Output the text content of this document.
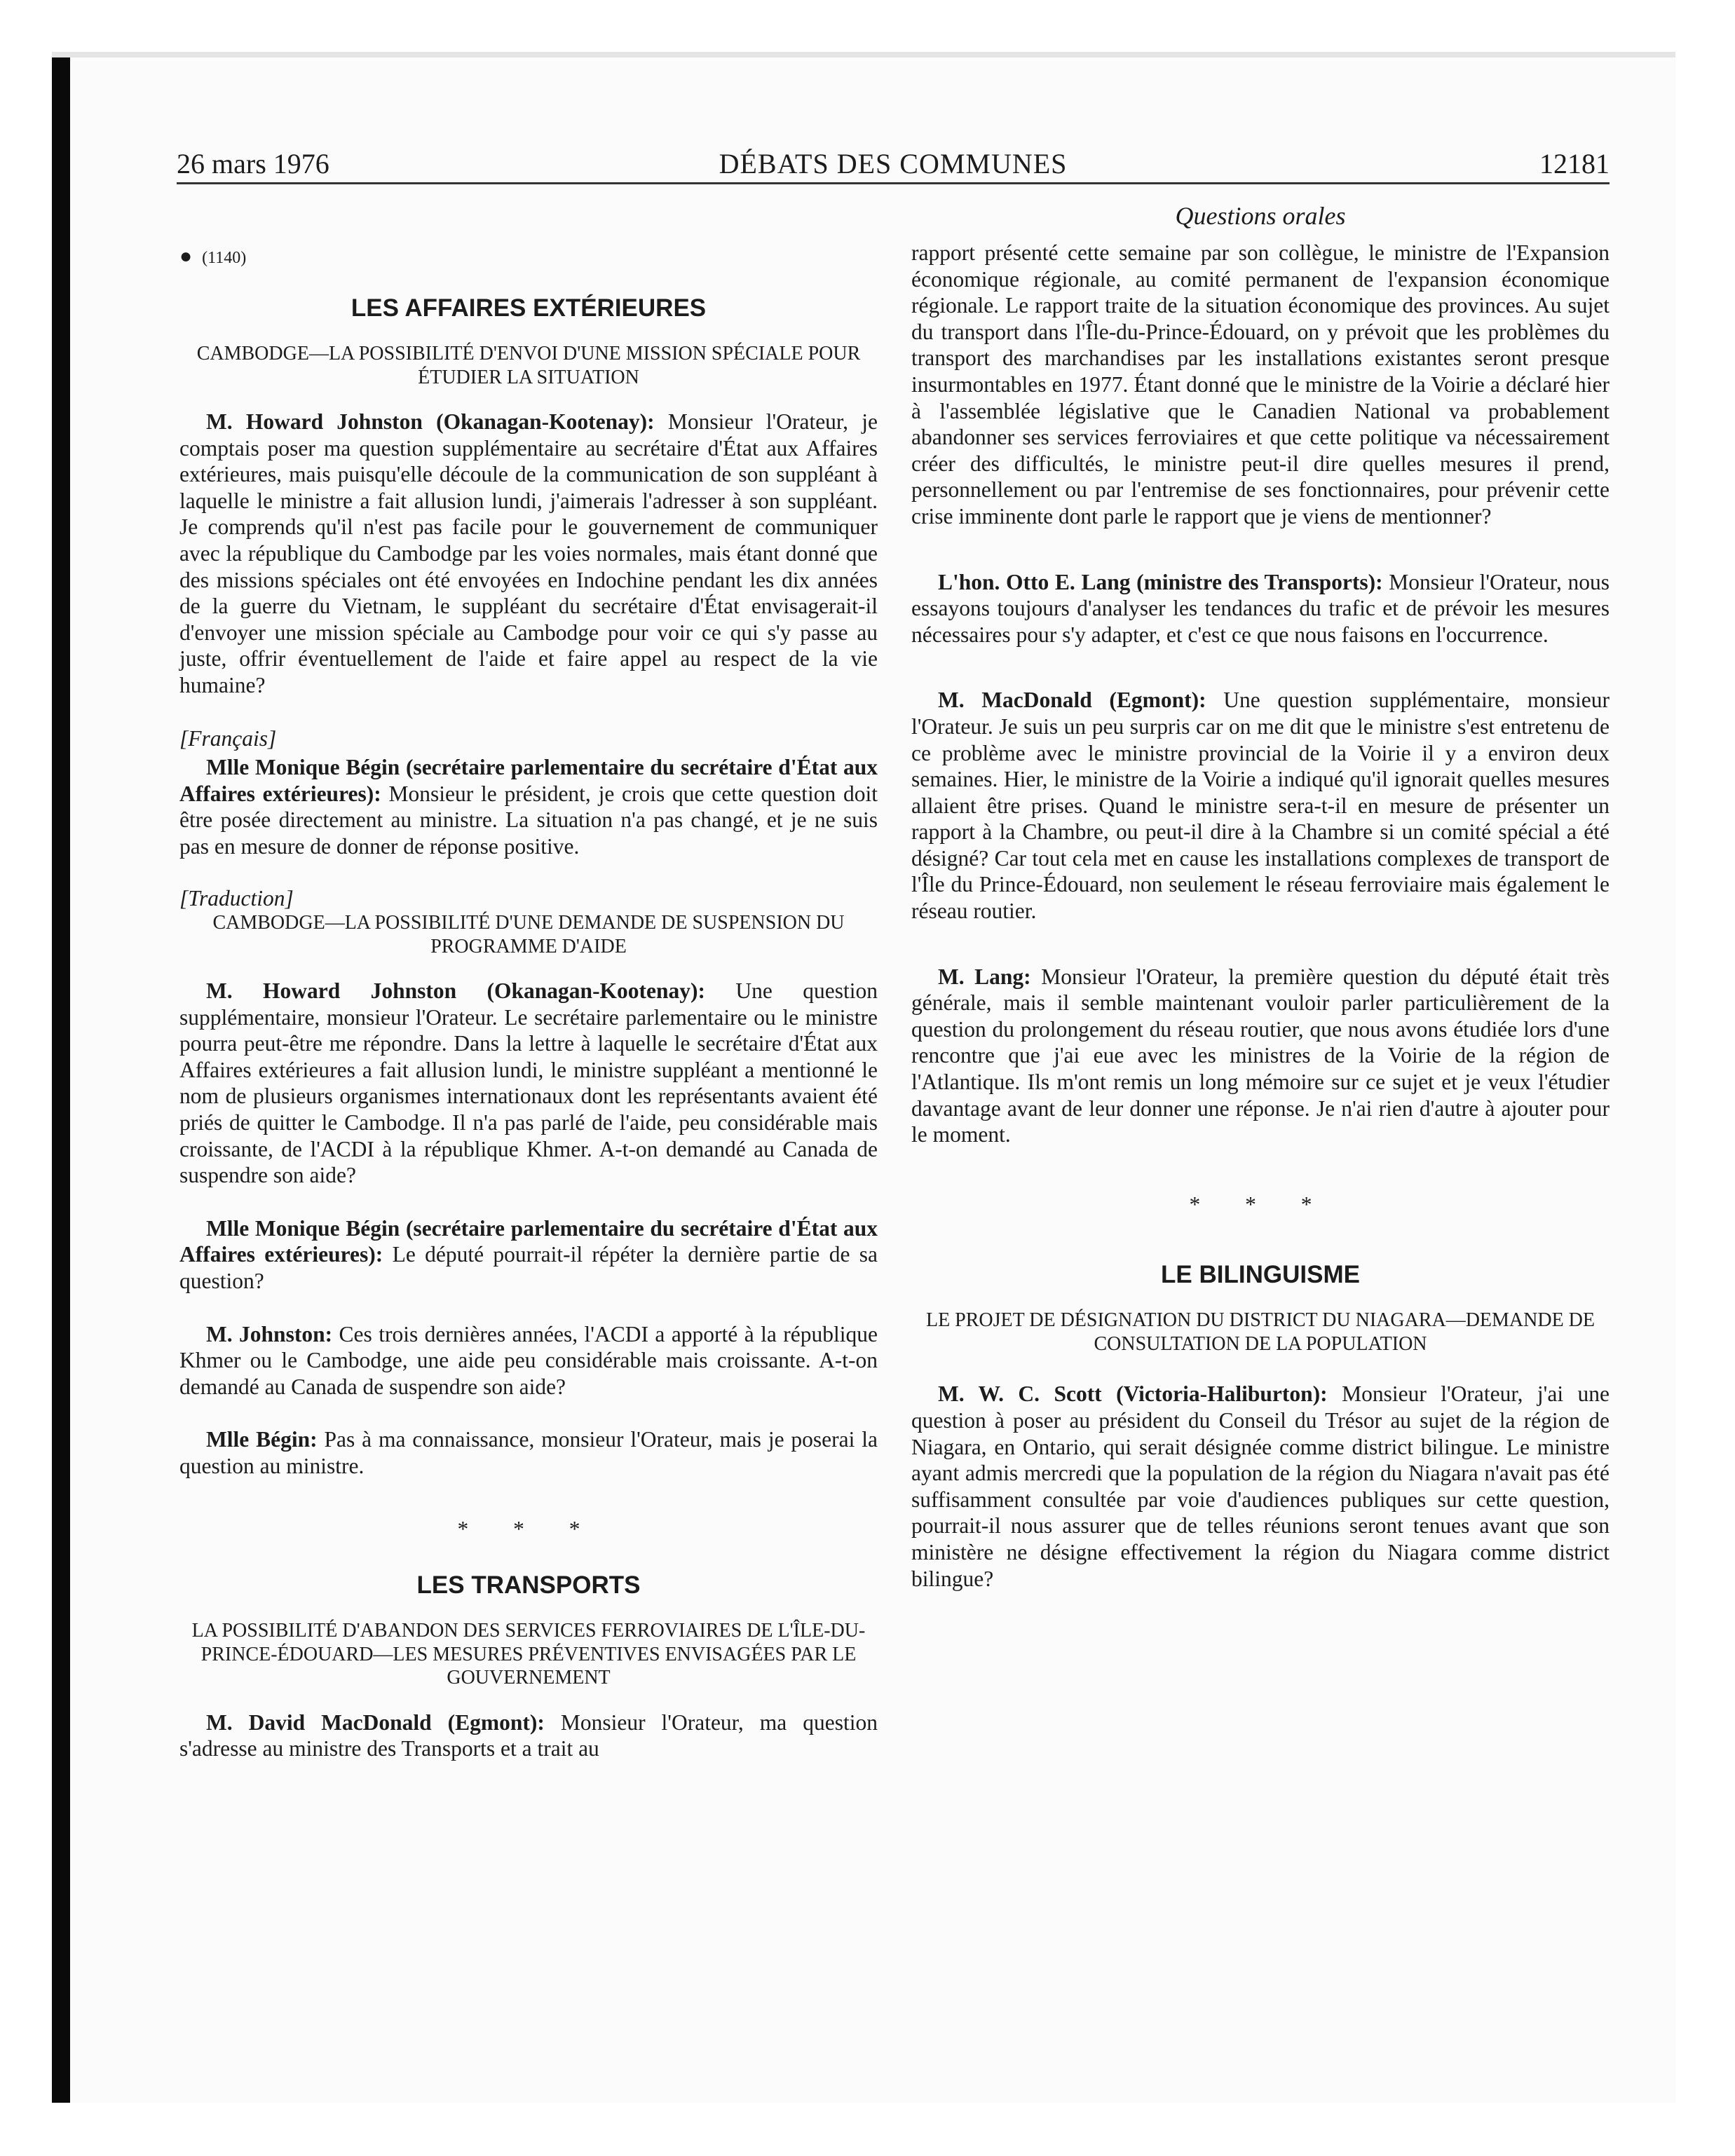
26 mars 1976	DÉBATS DES COMMUNES	12181
Questions orales
● (1140)
LES AFFAIRES EXTÉRIEURES
CAMBODGE—LA POSSIBILITÉ D'ENVOI D'UNE MISSION SPÉCIALE POUR ÉTUDIER LA SITUATION

M. Howard Johnston (Okanagan-Kootenay): Monsieur l'Orateur, je comptais poser ma question supplémentaire au secrétaire d'État aux Affaires extérieures, mais puisqu'elle découle de la communication de son suppléant à laquelle le ministre a fait allusion lundi, j'aimerais l'adresser à son suppléant. Je comprends qu'il n'est pas facile pour le gouvernement de communiquer avec la république du Cambodge par les voies normales, mais étant donné que des missions spéciales ont été envoyées en Indochine pendant les dix années de la guerre du Vietnam, le suppléant du secrétaire d'État envisagerait-il d'envoyer une mission spéciale au Cambodge pour voir ce qui s'y passe au juste, offrir éventuellement de l'aide et faire appel au respect de la vie humaine?

[Français]

Mlle Monique Bégin (secrétaire parlementaire du secrétaire d'État aux Affaires extérieures): Monsieur le président, je crois que cette question doit être posée directement au ministre. La situation n'a pas changé, et je ne suis pas en mesure de donner de réponse positive.

[Traduction]
CAMBODGE—LA POSSIBILITÉ D'UNE DEMANDE DE SUSPENSION DU PROGRAMME D'AIDE

M. Howard Johnston (Okanagan-Kootenay): Une question supplémentaire, monsieur l'Orateur. Le secrétaire parlementaire ou le ministre pourra peut-être me répondre. Dans la lettre à laquelle le secrétaire d'État aux Affaires extérieures a fait allusion lundi, le ministre suppléant a mentionné le nom de plusieurs organismes internationaux dont les représentants avaient été priés de quitter le Cambodge. Il n'a pas parlé de l'aide, peu considérable mais croissante, de l'ACDI à la république Khmer. A-t-on demandé au Canada de suspendre son aide?

Mlle Monique Bégin (secrétaire parlementaire du secrétaire d'État aux Affaires extérieures): Le député pourrait-il répéter la dernière partie de sa question?

M. Johnston: Ces trois dernières années, l'ACDI a apporté à la république Khmer ou le Cambodge, une aide peu considérable mais croissante. A-t-on demandé au Canada de suspendre son aide?

Mlle Bégin: Pas à ma connaissance, monsieur l'Orateur, mais je poserai la question au ministre.

* * *
LES TRANSPORTS
LA POSSIBILITÉ D'ABANDON DES SERVICES FERROVIAIRES DE L'ÎLE-DU-PRINCE-ÉDOUARD—LES MESURES PRÉVENTIVES ENVISAGÉES PAR LE GOUVERNEMENT

M. David MacDonald (Egmont): Monsieur l'Orateur, ma question s'adresse au ministre des Transports et a trait au

rapport présenté cette semaine par son collègue, le ministre de l'Expansion économique régionale, au comité permanent de l'expansion économique régionale. Le rapport traite de la situation économique des provinces. Au sujet du transport dans l'Île-du-Prince-Édouard, on y prévoit que les problèmes du transport des marchandises par les installations existantes seront presque insurmontables en 1977. Étant donné que le ministre de la Voirie a déclaré hier à l'assemblée législative que le Canadien National va probablement abandonner ses services ferroviaires et que cette politique va nécessairement créer des difficultés, le ministre peut-il dire quelles mesures il prend, personnellement ou par l'entremise de ses fonctionnaires, pour prévenir cette crise imminente dont parle le rapport que je viens de mentionner?

L'hon. Otto E. Lang (ministre des Transports): Monsieur l'Orateur, nous essayons toujours d'analyser les tendances du trafic et de prévoir les mesures nécessaires pour s'y adapter, et c'est ce que nous faisons en l'occurrence.

M. MacDonald (Egmont): Une question supplémentaire, monsieur l'Orateur. Je suis un peu surpris car on me dit que le ministre s'est entretenu de ce problème avec le ministre provincial de la Voirie il y a environ deux semaines. Hier, le ministre de la Voirie a indiqué qu'il ignorait quelles mesures allaient être prises. Quand le ministre sera-t-il en mesure de présenter un rapport à la Chambre, ou peut-il dire à la Chambre si un comité spécial a été désigné? Car tout cela met en cause les installations complexes de transport de l'Île du Prince-Édouard, non seulement le réseau ferroviaire mais également le réseau routier.

M. Lang: Monsieur l'Orateur, la première question du député était très générale, mais il semble maintenant vouloir parler particulièrement de la question du prolongement du réseau routier, que nous avons étudiée lors d'une rencontre que j'ai eue avec les ministres de la Voirie de la région de l'Atlantique. Ils m'ont remis un long mémoire sur ce sujet et je veux l'étudier davantage avant de leur donner une réponse. Je n'ai rien d'autre à ajouter pour le moment.

* * *
LE BILINGUISME
LE PROJET DE DÉSIGNATION DU DISTRICT DU NIAGARA—DEMANDE DE CONSULTATION DE LA POPULATION

M. W. C. Scott (Victoria-Haliburton): Monsieur l'Orateur, j'ai une question à poser au président du Conseil du Trésor au sujet de la région de Niagara, en Ontario, qui serait désignée comme district bilingue. Le ministre ayant admis mercredi que la population de la région du Niagara n'avait pas été suffisamment consultée par voie d'audiences publiques sur cette question, pourrait-il nous assurer que de telles réunions seront tenues avant que son ministère ne désigne effectivement la région du Niagara comme district bilingue?
